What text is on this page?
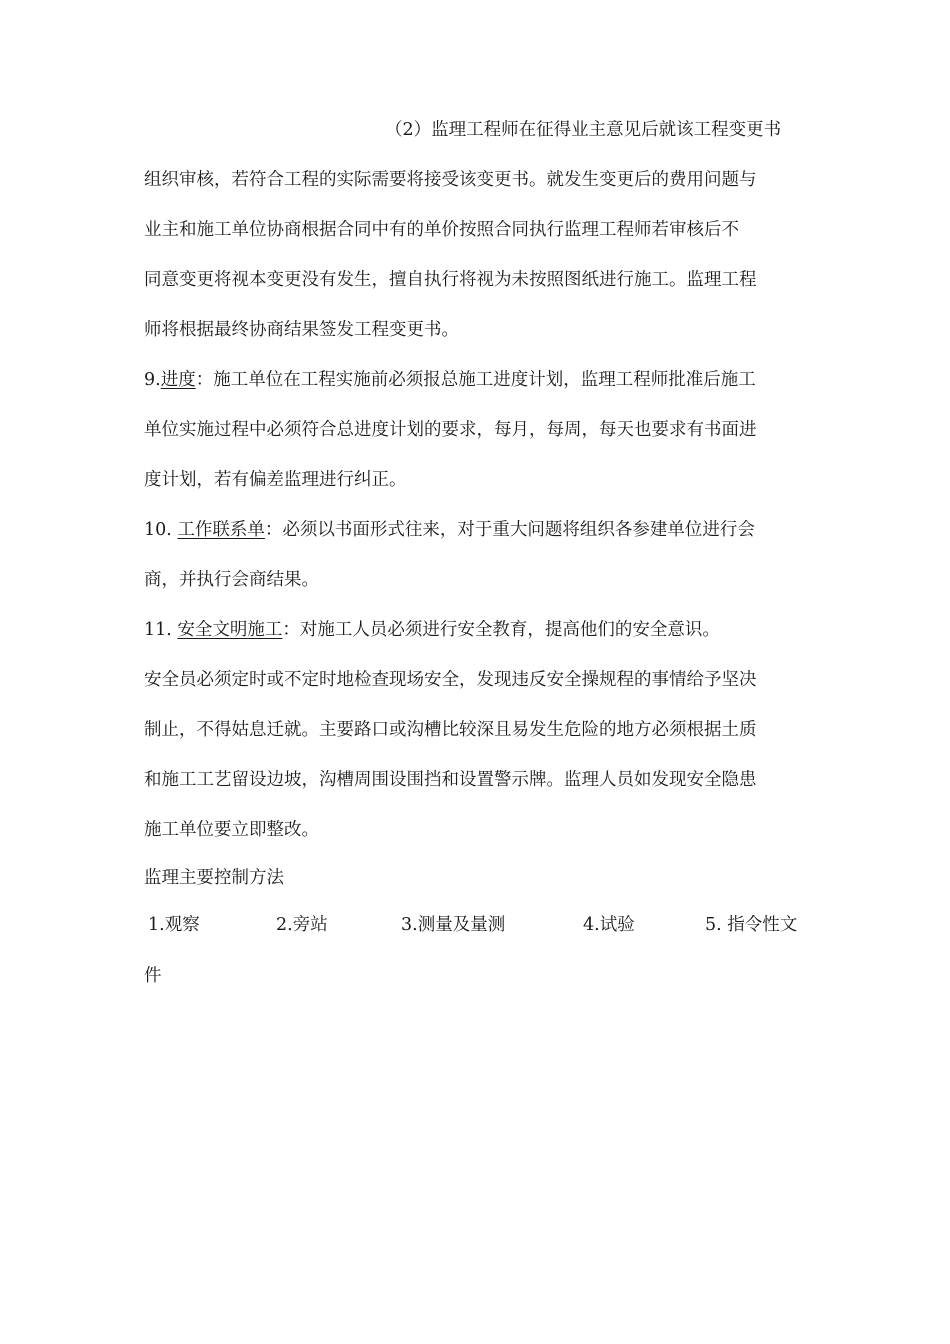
（2）监理工程师在征得业主意见后就该工程变更书
组织审核，若符合工程的实际需要将接受该变更书。就发生变更后的费用问题与
业主和施工单位协商根据合同中有的单价按照合同执行监理工程师若审核后不
同意变更将视本变更没有发生，擅自执行将视为未按照图纸进行施工。监理工程
师将根据最终协商结果签发工程变更书。
9.进度：施工单位在工程实施前必须报总施工进度计划，监理工程师批准后施工
单位实施过程中必须符合总进度计划的要求，每月，每周，每天也要求有书面进
度计划，若有偏差监理进行纠正。
10. 工作联系单：必须以书面形式往来，对于重大问题将组织各参建单位进行会
商，并执行会商结果。
11. 安全文明施工：对施工人员必须进行安全教育，提高他们的安全意识。
安全员必须定时或不定时地检查现场安全，发现违反安全操规程的事情给予坚决
制止，不得姑息迁就。主要路口或沟槽比较深且易发生危险的地方必须根据土质
和施工工艺留设边坡，沟槽周围设围挡和设置警示牌。监理人员如发现安全隐患
施工单位要立即整改。
监理主要控制方法
1.观察	2.旁站	3.测量及量测	4.试验	5. 指令性文
件
